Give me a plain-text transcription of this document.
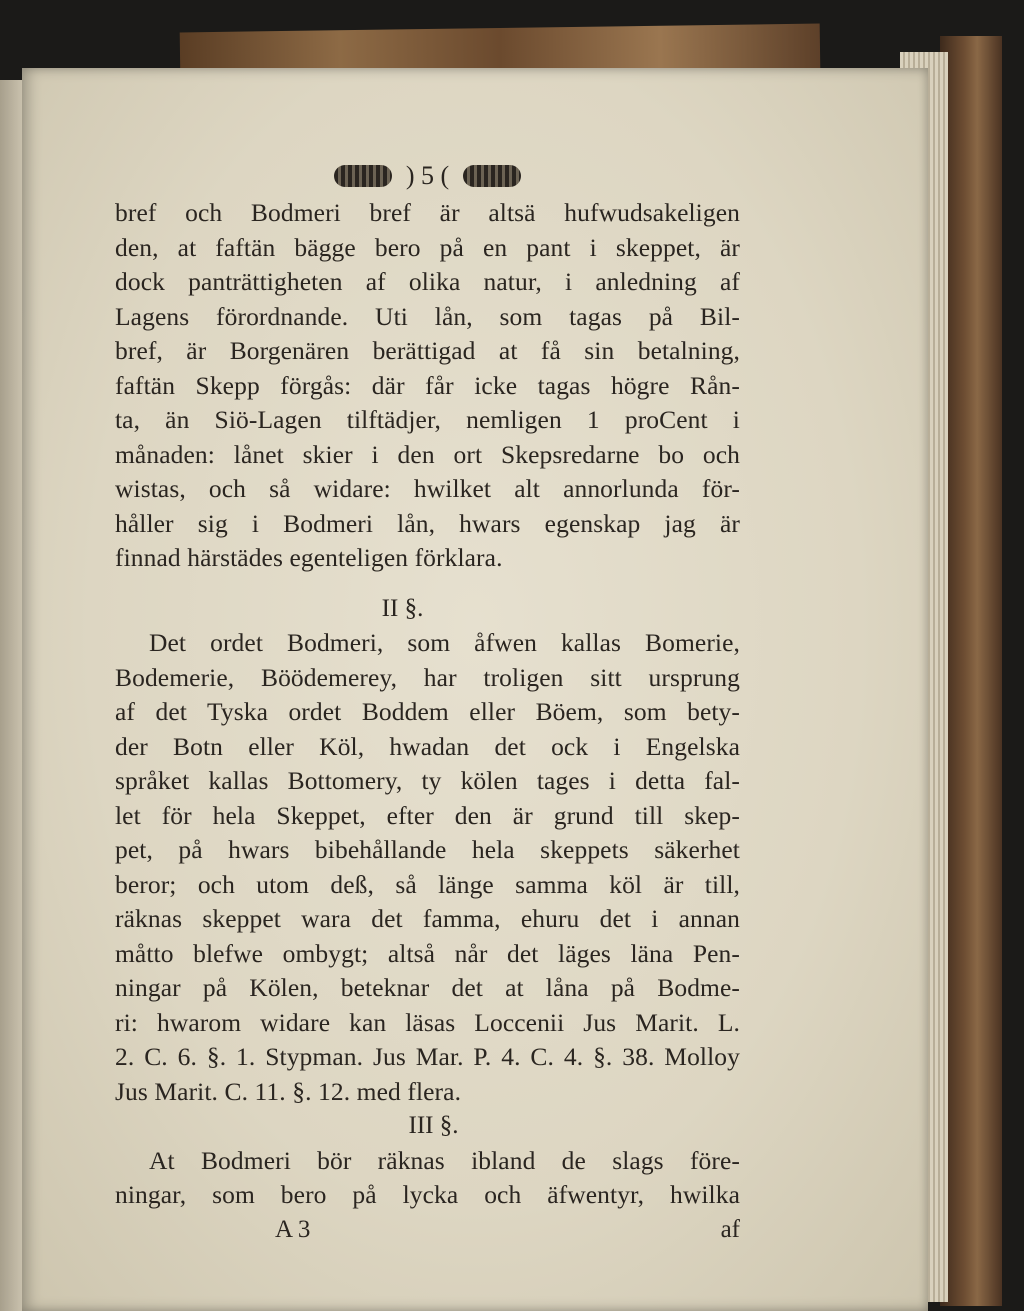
) 5 (
bref och Bodmeri bref är altsä hufwudsakeligen
den, at faftän bägge bero på en pant i skeppet, är
dock panträttigheten af olika natur, i anledning af
Lagens förordnande. Uti lån, som tagas på Bil-
bref, är Borgenären berättigad at få sin betalning,
faftän Skepp förgås: där får icke tagas högre Rån-
ta, än Siö-Lagen tilftädjer, nemligen 1 proCent i
månaden: lånet skier i den ort Skepsredarne bo och
wistas, och så widare: hwilket alt annorlunda för-
håller sig i Bodmeri lån, hwars egenskap jag är
finnad härstädes egenteligen förklara.
II §.
Det ordet Bodmeri, som åfwen kallas Bomerie,
Bodemerie, Böödemerey, har troligen sitt ursprung
af det Tyska ordet Boddem eller Böem, som bety-
der Botn eller Köl, hwadan det ock i Engelska
språket kallas Bottomery, ty kölen tages i detta fal-
let för hela Skeppet, efter den är grund till skep-
pet, på hwars bibehållande hela skeppets säkerhet
beror; och utom deß, så länge samma köl är till,
räknas skeppet wara det famma, ehuru det i annan
måtto blefwe ombygt; altså når det läges läna Pen-
ningar på Kölen, beteknar det at låna på Bodme-
ri: hwarom widare kan läsas Loccenii Jus Marit. L.
2. C. 6. §. 1. Stypman. Jus Mar. P. 4. C. 4. §. 38. Molloy
Jus Marit. C. 11. §. 12. med flera.
III §.
At Bodmeri bör räknas ibland de slags före-
ningar, som bero på lycka och äfwentyr, hwilka
A 3	af
